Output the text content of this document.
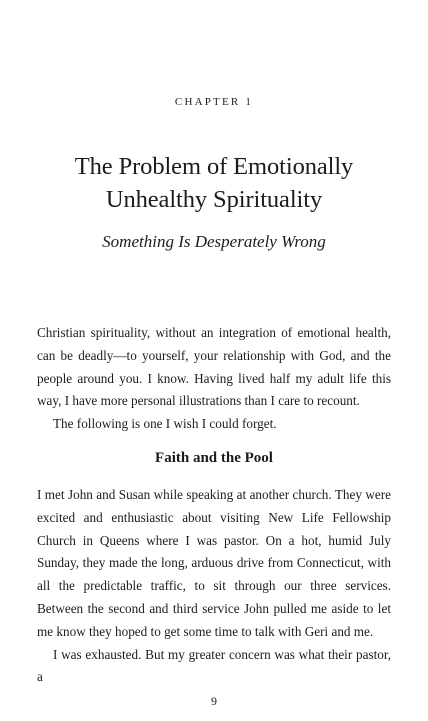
CHAPTER 1
The Problem of Emotionally
Unhealthy Spirituality
Something Is Desperately Wrong

Christian spirituality, without an integration of emotional health, can be deadly—to yourself, your relationship with God, and the people around you. I know. Having lived half my adult life this way, I have more personal illustrations than I care to recount.

The following is one I wish I could forget.

Faith and the Pool

I met John and Susan while speaking at another church. They were excited and enthusiastic about visiting New Life Fellowship Church in Queens where I was pastor. On a hot, humid July Sunday, they made the long, arduous drive from Connecticut, with all the predictable traffic, to sit through our three services. Between the second and third service John pulled me aside to let me know they hoped to get some time to talk with Geri and me.

I was exhausted. But my greater concern was what their pastor, a

9
